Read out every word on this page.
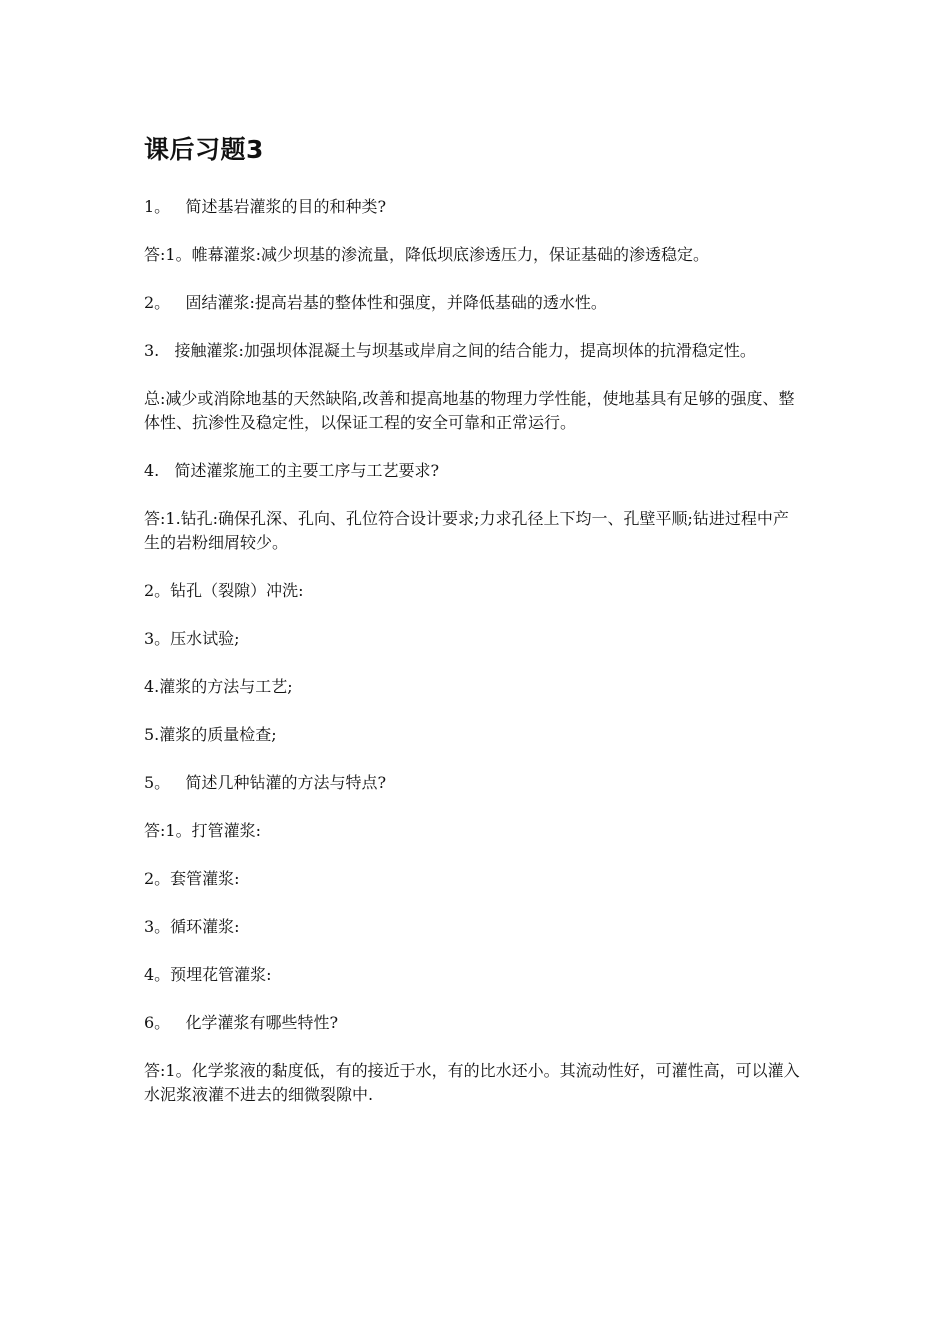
课后习题3

1。   简述基岩灌浆的目的和种类?

答:1。帷幕灌浆:减少坝基的渗流量，降低坝底渗透压力，保证基础的渗透稳定。

2。   固结灌浆:提高岩基的整体性和强度，并降低基础的透水性。

3.   接触灌浆:加强坝体混凝土与坝基或岸肩之间的结合能力，提高坝体的抗滑稳定性。

总:减少或消除地基的天然缺陷,改善和提高地基的物理力学性能，使地基具有足够的强度、整体性、抗渗性及稳定性，以保证工程的安全可靠和正常运行。

4.   简述灌浆施工的主要工序与工艺要求?

答:1.钻孔:确保孔深、孔向、孔位符合设计要求;力求孔径上下均一、孔壁平顺;钻进过程中产生的岩粉细屑较少。

2。钻孔（裂隙）冲洗:

3。压水试验;

4.灌浆的方法与工艺;

5.灌浆的质量检查;

5。   简述几种钻灌的方法与特点?

答:1。打管灌浆:

2。套管灌浆:

3。循环灌浆:

4。预埋花管灌浆:

6。   化学灌浆有哪些特性?

答:1。化学浆液的黏度低，有的接近于水，有的比水还小。其流动性好，可灌性高，可以灌入水泥浆液灌不进去的细微裂隙中.
